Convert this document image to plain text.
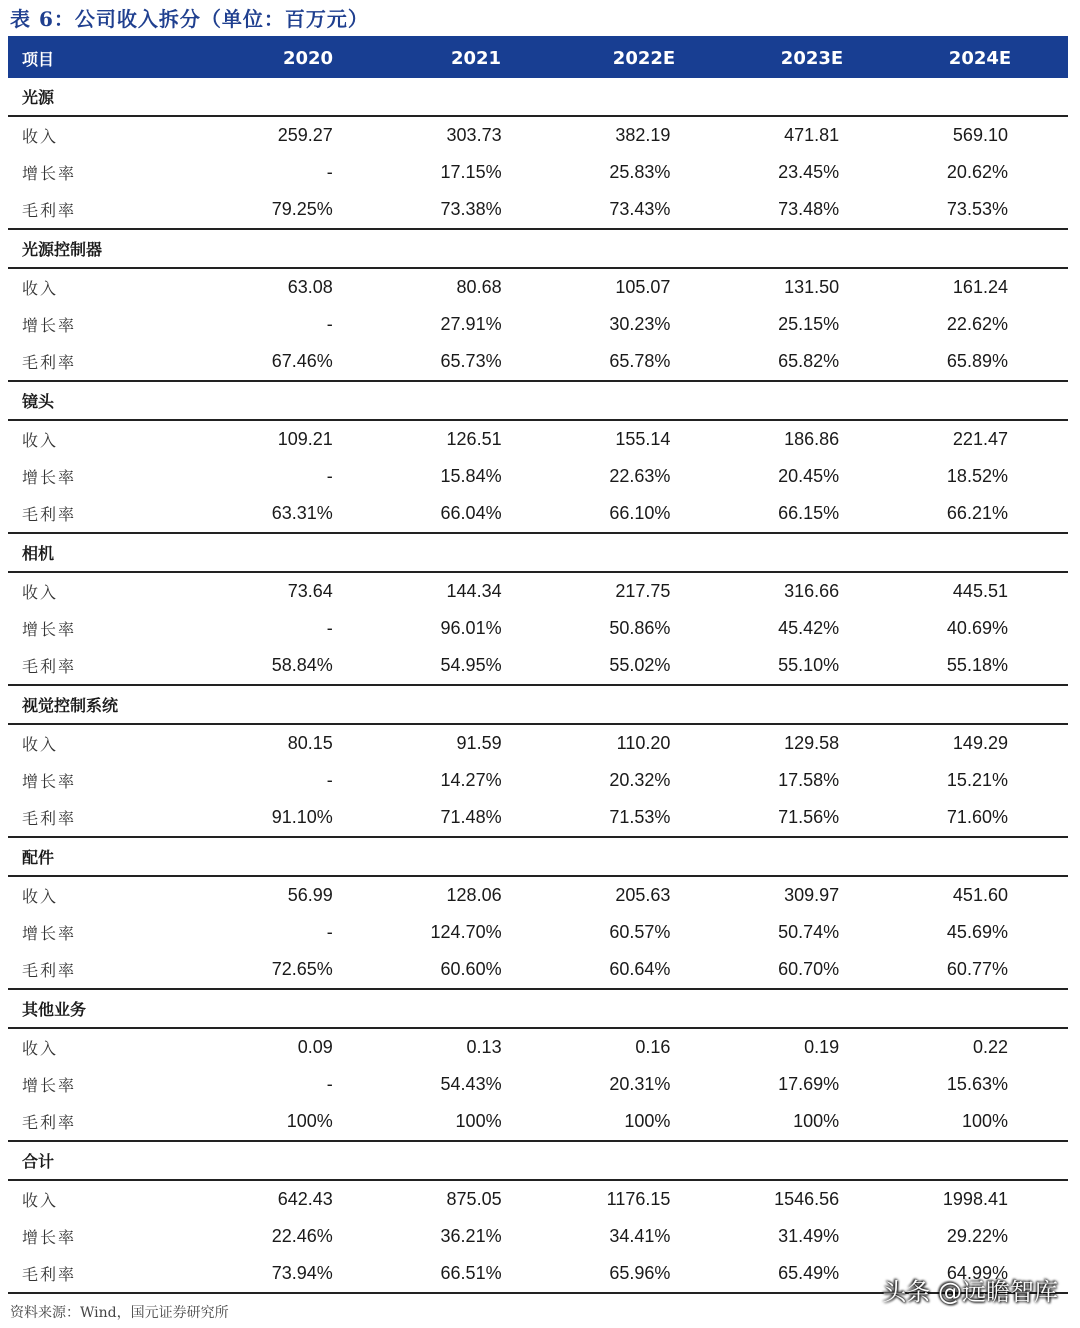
表 6：公司收入拆分（单位：百万元）
项目	2020	2021	2022E	2023E	2024E
光源
收入	259.27	303.73	382.19	471.81	569.10
增长率	-	17.15%	25.83%	23.45%	20.62%
毛利率	79.25%	73.38%	73.43%	73.48%	73.53%
光源控制器
收入	63.08	80.68	105.07	131.50	161.24
增长率	-	27.91%	30.23%	25.15%	22.62%
毛利率	67.46%	65.73%	65.78%	65.82%	65.89%
镜头
收入	109.21	126.51	155.14	186.86	221.47
增长率	-	15.84%	22.63%	20.45%	18.52%
毛利率	63.31%	66.04%	66.10%	66.15%	66.21%
相机
收入	73.64	144.34	217.75	316.66	445.51
增长率	-	96.01%	50.86%	45.42%	40.69%
毛利率	58.84%	54.95%	55.02%	55.10%	55.18%
视觉控制系统
收入	80.15	91.59	110.20	129.58	149.29
增长率	-	14.27%	20.32%	17.58%	15.21%
毛利率	91.10%	71.48%	71.53%	71.56%	71.60%
配件
收入	56.99	128.06	205.63	309.97	451.60
增长率	-	124.70%	60.57%	50.74%	45.69%
毛利率	72.65%	60.60%	60.64%	60.70%	60.77%
其他业务
收入	0.09	0.13	0.16	0.19	0.22
增长率	-	54.43%	20.31%	17.69%	15.63%
毛利率	100%	100%	100%	100%	100%
合计
收入	642.43	875.05	1176.15	1546.56	1998.41
增长率	22.46%	36.21%	34.41%	31.49%	29.22%
毛利率	73.94%	66.51%	65.96%	65.49%	64.99%
资料来源：Wind，国元证券研究所
头条 @远瞻智库
